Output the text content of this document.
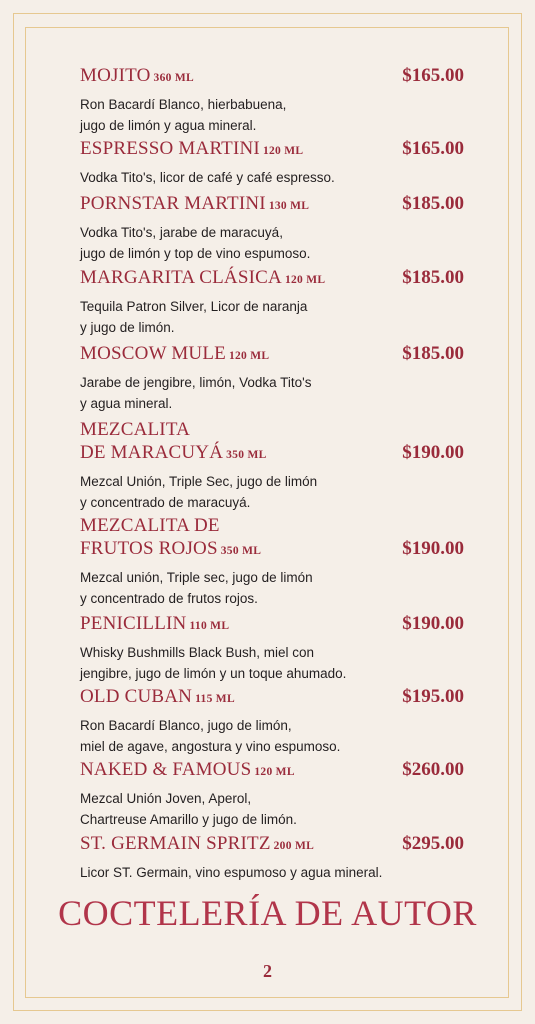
MOJITO 360 ML	$165.00
Ron Bacardí Blanco, hierbabuena,
jugo de limón y agua mineral.
ESPRESSO MARTINI 120 ML	$165.00
Vodka Tito's, licor de café y café espresso.
PORNSTAR MARTINI 130 ML	$185.00
Vodka Tito's, jarabe de maracuyá,
jugo de limón y top de vino espumoso.
MARGARITA CLÁSICA 120 ML	$185.00
Tequila Patron Silver, Licor de naranja
y jugo de limón.
MOSCOW MULE 120 ML	$185.00
Jarabe de jengibre, limón, Vodka Tito's
y agua mineral.
MEZCALITA
DE MARACUYÁ 350 ML	$190.00
Mezcal Unión, Triple Sec, jugo de limón
y concentrado de maracuyá.
MEZCALITA DE
FRUTOS ROJOS 350 ML	$190.00
Mezcal unión, Triple sec, jugo de limón
y concentrado de frutos rojos.
PENICILLIN 110 ML	$190.00
Whisky Bushmills Black Bush, miel con
jengibre, jugo de limón y un toque ahumado.
OLD CUBAN 115 ML	$195.00
Ron Bacardí Blanco, jugo de limón,
miel de agave, angostura y vino espumoso.
NAKED & FAMOUS 120 ML	$260.00
Mezcal Unión Joven, Aperol,
Chartreuse Amarillo y jugo de limón.
ST. GERMAIN SPRITZ 200 ML	$295.00
Licor ST. Germain, vino espumoso y agua mineral.
COCTELERÍA DE AUTOR
2
